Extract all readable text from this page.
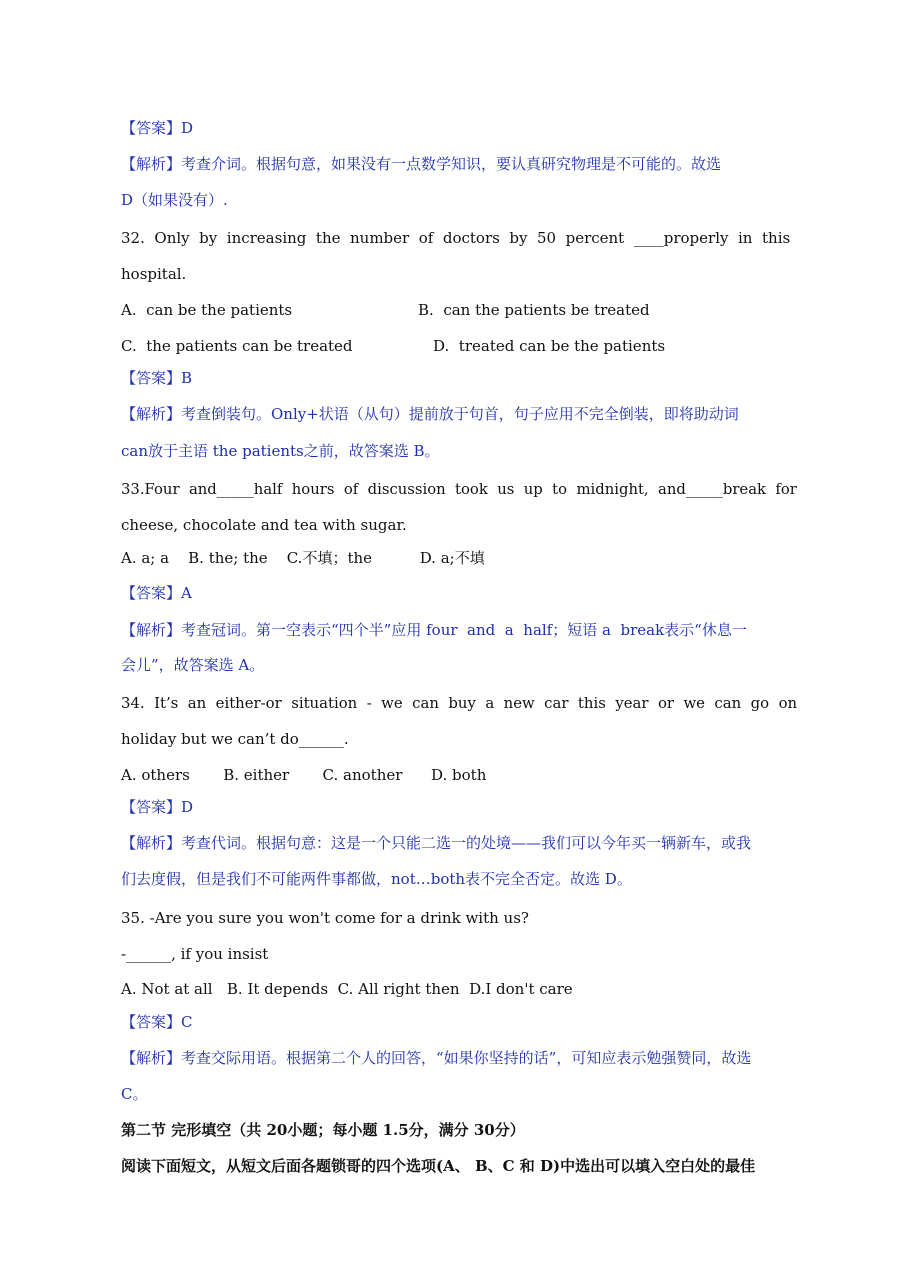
【答案】D
【解析】考查介词。根据句意，如果没有一点数学知识，要认真研究物理是不可能的。故选
D（如果没有）.
32.  Only  by  increasing  the  number  of  doctors  by  50  percent  ____properly  in  this
hospital.
A.  can be the patients	B.  can the patients be treated
C.  the patients can be treated	D.  treated can be the patients
【答案】B
【解析】考查倒装句。Only+状语（从句）提前放于句首，句子应用不完全倒装，即将助动词
can放于主语 the patients之前，故答案选 B。
33.Four  and_____half  hours  of  discussion  took  us  up  to  midnight,  and_____break  for
cheese, chocolate and tea with sugar.
A. a; a    B. the; the    C.不填；the          D. a;不填
【答案】A
【解析】考查冠词。第一空表示“四个半”应用 four  and  a  half；短语 a  break表示“休息一
会儿”，故答案选 A。
34.  It’s  an  either-or  situation  -  we  can  buy  a  new  car  this  year  or  we  can  go  on
holiday but we can’t do______.
A. others       B. either       C. another      D. both
【答案】D
【解析】考查代词。根据句意：这是一个只能二选一的处境——我们可以今年买一辆新车，或我
们去度假，但是我们不可能两件事都做，not…both表不完全否定。故选 D。
35. -Are you sure you won't come for a drink with us?
-______, if you insist
A. Not at all   B. It depends  C. All right then  D.I don't care
【答案】C
【解析】考查交际用语。根据第二个人的回答，“如果你坚持的话”，可知应表示勉强赞同，故选
C。
第二节 完形填空（共 20小题；每小题 1.5分，满分 30分）
阅读下面短文，从短文后面各题锁哥的四个选项(A、 B、C 和 D)中选出可以填入空白处的最佳
